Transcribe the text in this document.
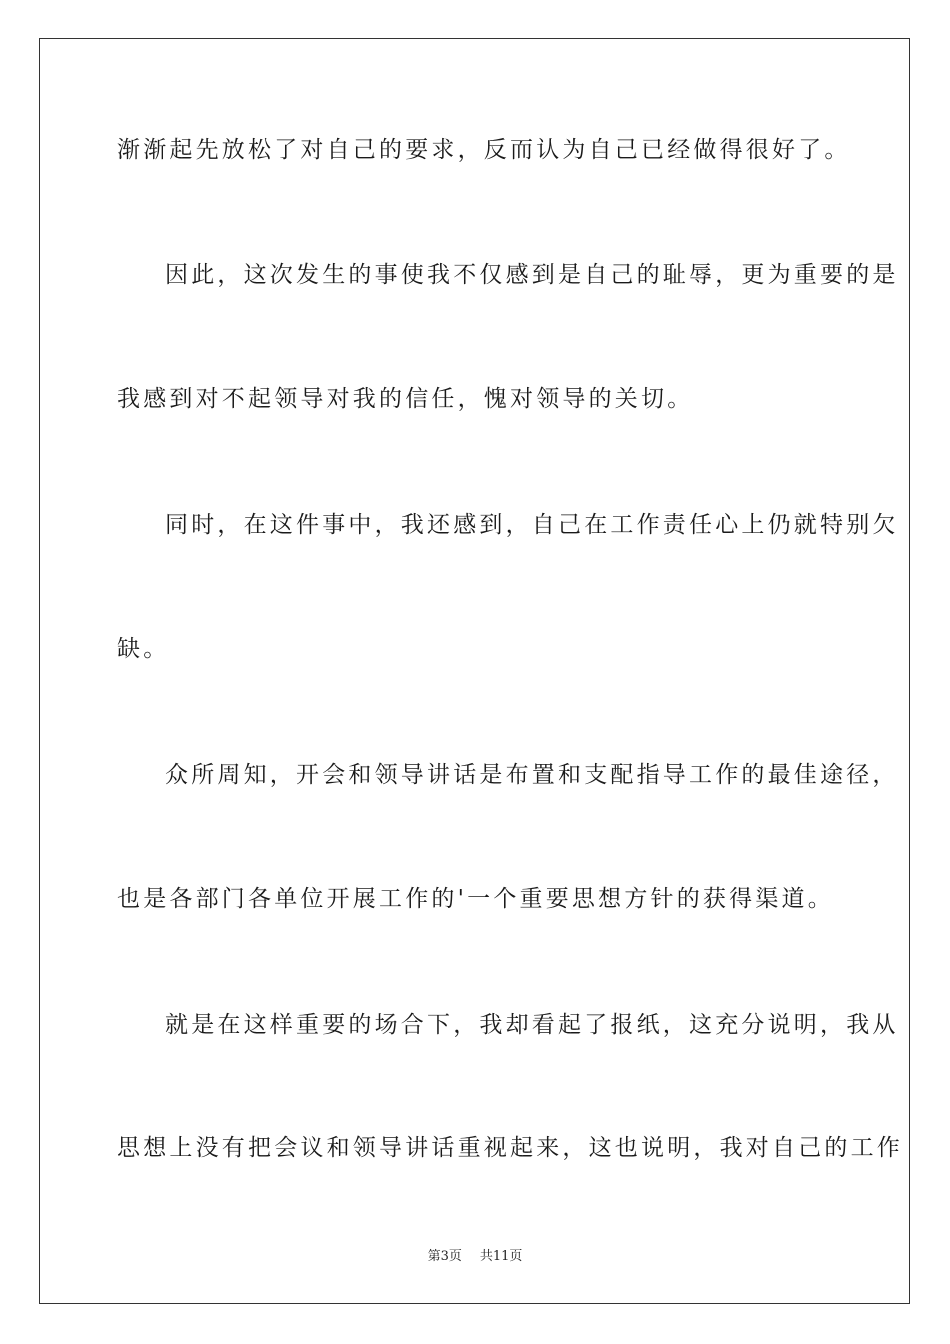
渐渐起先放松了对自己的要求，反而认为自己已经做得很好了。
因此，这次发生的事使我不仅感到是自己的耻辱，更为重要的是
我感到对不起领导对我的信任，愧对领导的关切。
同时，在这件事中，我还感到，自己在工作责任心上仍就特别欠
缺。
众所周知，开会和领导讲话是布置和支配指导工作的最佳途径，
也是各部门各单位开展工作的'一个重要思想方针的获得渠道。
就是在这样重要的场合下，我却看起了报纸，这充分说明，我从
思想上没有把会议和领导讲话重视起来，这也说明，我对自己的工作
第3页 共11页
